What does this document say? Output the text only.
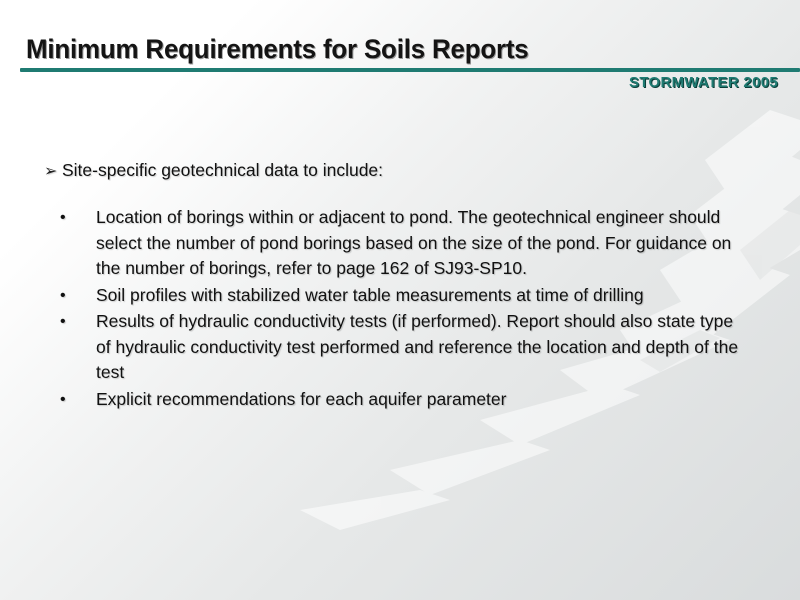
Minimum Requirements for Soils Reports
STORMWATER 2005
➢ Site-specific geotechnical data to include:
• Location of borings within or adjacent to pond. The geotechnical engineer should select the number of pond borings based on the size of the pond. For guidance on the number of borings, refer to page 162 of SJ93-SP10.
• Soil profiles with stabilized water table measurements at time of drilling
• Results of hydraulic conductivity tests (if performed). Report should also state type of hydraulic conductivity test performed and reference the location and depth of the test
• Explicit recommendations for each aquifer parameter
